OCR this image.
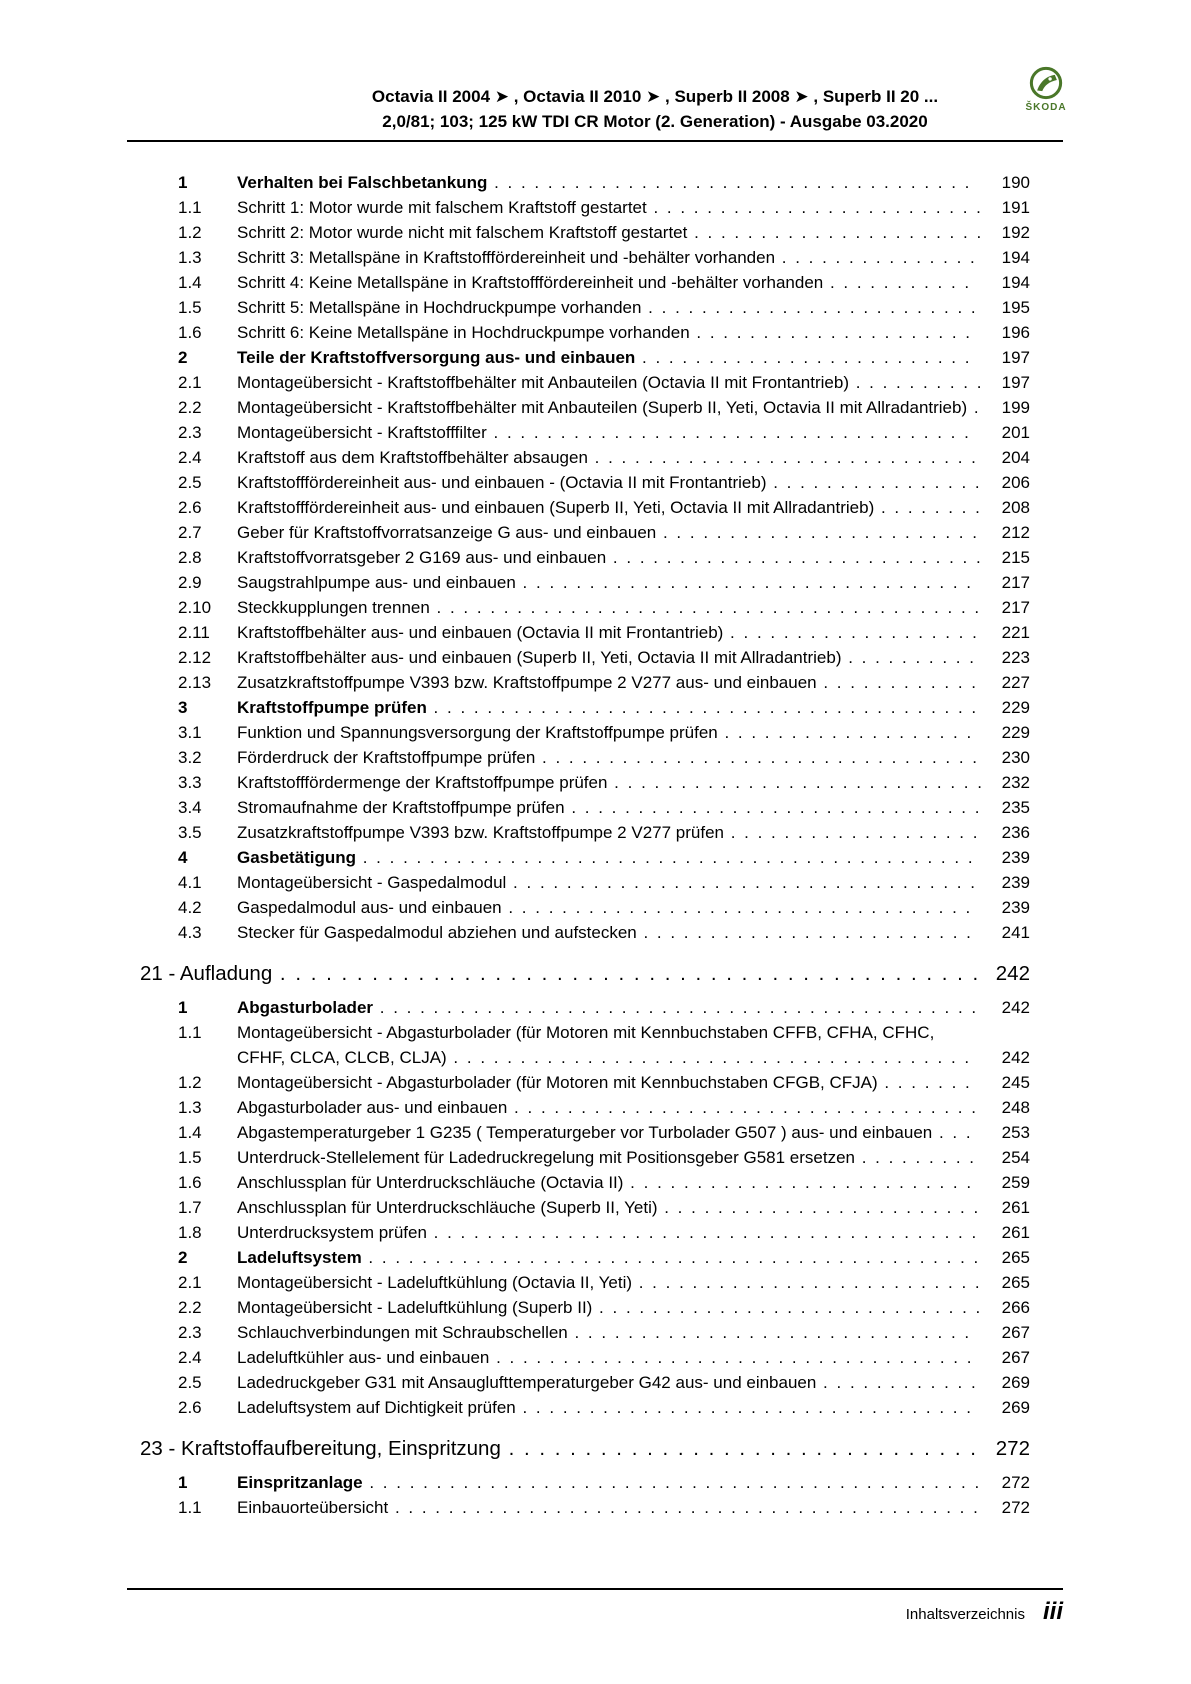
Octavia II 2004 ➤ , Octavia II 2010 ➤ , Superb II 2008 ➤ , Superb II 20 ...
2,0/81; 103; 125 kW TDI CR Motor (2. Generation) - Ausgabe 03.2020
ŠKODA
1	Verhalten bei Falschbetankung . . . . . . . . . . . . . . . . . . . . . . . . . . . . . . . . . . . .	190
1.1	Schritt 1: Motor wurde mit falschem Kraftstoff gestartet . . . . . . . . . . . . . . . . . . . . . . . . .	191
1.2	Schritt 2: Motor wurde nicht mit falschem Kraftstoff gestartet . . . . . . . . . . . . . . . . . . . . . .	192
1.3	Schritt 3: Metallspäne in Kraftstofffördereinheit und -behälter vorhanden . . . . . . . . . . . . . . .	194
1.4	Schritt 4: Keine Metallspäne in Kraftstofffördereinheit und -behälter vorhanden . . . . . . . . . . .	194
1.5	Schritt 5: Metallspäne in Hochdruckpumpe vorhanden . . . . . . . . . . . . . . . . . . . . . . . . .	195
1.6	Schritt 6: Keine Metallspäne in Hochdruckpumpe vorhanden . . . . . . . . . . . . . . . . . . . . .	196
2	Teile der Kraftstoffversorgung aus- und einbauen . . . . . . . . . . . . . . . . . . . . . . . . .	197
2.1	Montageübersicht - Kraftstoffbehälter mit Anbauteilen (Octavia II mit Frontantrieb) . . . . . . . . . .	197
2.2	Montageübersicht - Kraftstoffbehälter mit Anbauteilen (Superb II, Yeti, Octavia II mit Allradantrieb) .	199
2.3	Montageübersicht - Kraftstofffilter . . . . . . . . . . . . . . . . . . . . . . . . . . . . . . . . . . . .	201
2.4	Kraftstoff aus dem Kraftstoffbehälter absaugen . . . . . . . . . . . . . . . . . . . . . . . . . . . . .	204
2.5	Kraftstofffördereinheit aus- und einbauen - (Octavia II mit Frontantrieb) . . . . . . . . . . . . . . . .	206
2.6	Kraftstofffördereinheit aus- und einbauen (Superb II, Yeti, Octavia II mit Allradantrieb) . . . . . . . .	208
2.7	Geber für Kraftstoffvorratsanzeige G aus- und einbauen . . . . . . . . . . . . . . . . . . . . . . . .	212
2.8	Kraftstoffvorratsgeber 2 G169 aus- und einbauen . . . . . . . . . . . . . . . . . . . . . . . . . . . .	215
2.9	Saugstrahlpumpe aus- und einbauen . . . . . . . . . . . . . . . . . . . . . . . . . . . . . . . . . .	217
2.10	Steckkupplungen trennen . . . . . . . . . . . . . . . . . . . . . . . . . . . . . . . . . . . . . . . . .	217
2.11	Kraftstoffbehälter aus- und einbauen (Octavia II mit Frontantrieb) . . . . . . . . . . . . . . . . . . .	221
2.12	Kraftstoffbehälter aus- und einbauen (Superb II, Yeti, Octavia II mit Allradantrieb) . . . . . . . . . .	223
2.13	Zusatzkraftstoffpumpe V393 bzw. Kraftstoffpumpe 2 V277 aus- und einbauen . . . . . . . . . . . .	227
3	Kraftstoffpumpe prüfen . . . . . . . . . . . . . . . . . . . . . . . . . . . . . . . . . . . . . . . . .	229
3.1	Funktion und Spannungsversorgung der Kraftstoffpumpe prüfen . . . . . . . . . . . . . . . . . . .	229
3.2	Förderdruck der Kraftstoffpumpe prüfen . . . . . . . . . . . . . . . . . . . . . . . . . . . . . . . . .	230
3.3	Kraftstofffördermenge der Kraftstoffpumpe prüfen . . . . . . . . . . . . . . . . . . . . . . . . . . . .	232
3.4	Stromaufnahme der Kraftstoffpumpe prüfen . . . . . . . . . . . . . . . . . . . . . . . . . . . . . . .	235
3.5	Zusatzkraftstoffpumpe V393 bzw. Kraftstoffpumpe 2 V277 prüfen . . . . . . . . . . . . . . . . . . .	236
4	Gasbetätigung . . . . . . . . . . . . . . . . . . . . . . . . . . . . . . . . . . . . . . . . . . . . . .	239
4.1	Montageübersicht - Gaspedalmodul . . . . . . . . . . . . . . . . . . . . . . . . . . . . . . . . . . .	239
4.2	Gaspedalmodul aus- und einbauen . . . . . . . . . . . . . . . . . . . . . . . . . . . . . . . . . . .	239
4.3	Stecker für Gaspedalmodul abziehen und aufstecken . . . . . . . . . . . . . . . . . . . . . . . . .	241
21 - Aufladung . . . . . . . . . . . . . . . . . . . . . . . . . . . . . . . . . . . . . . . . . . . . . . 242
1	Abgasturbolader . . . . . . . . . . . . . . . . . . . . . . . . . . . . . . . . . . . . . . . . . . . . .	242
1.1	Montageübersicht - Abgasturbolader (für Motoren mit Kennbuchstaben CFFB, CFHA, CFHC, CFHF, CLCA, CLCB, CLJA) . . . . . . . . . . . . . . . . . . . . . . . . . . . . . . . . . . . . . . .	242
1.2	Montageübersicht - Abgasturbolader (für Motoren mit Kennbuchstaben CFGB, CFJA) . . . . . . .	245
1.3	Abgasturbolader aus- und einbauen . . . . . . . . . . . . . . . . . . . . . . . . . . . . . . . . . . .	248
1.4	Abgastemperaturgeber 1 G235 ( Temperaturgeber vor Turbolader G507 ) aus- und einbauen . . .	253
1.5	Unterdruck-Stellelement für Ladedruckregelung mit Positionsgeber G581 ersetzen . . . . . . . . .	254
1.6	Anschlussplan für Unterdruckschläuche (Octavia II) . . . . . . . . . . . . . . . . . . . . . . . . . .	259
1.7	Anschlussplan für Unterdruckschläuche (Superb II, Yeti) . . . . . . . . . . . . . . . . . . . . . . . .	261
1.8	Unterdrucksystem prüfen . . . . . . . . . . . . . . . . . . . . . . . . . . . . . . . . . . . . . . . . .	261
2	Ladeluftsystem . . . . . . . . . . . . . . . . . . . . . . . . . . . . . . . . . . . . . . . . . . . . . .	265
2.1	Montageübersicht - Ladeluftkühlung (Octavia II, Yeti) . . . . . . . . . . . . . . . . . . . . . . . . . .	265
2.2	Montageübersicht - Ladeluftkühlung (Superb II) . . . . . . . . . . . . . . . . . . . . . . . . . . . . .	266
2.3	Schlauchverbindungen mit Schraubschellen . . . . . . . . . . . . . . . . . . . . . . . . . . . . . .	267
2.4	Ladeluftkühler aus- und einbauen . . . . . . . . . . . . . . . . . . . . . . . . . . . . . . . . . . . .	267
2.5	Ladedruckgeber G31 mit Ansauglufttemperaturgeber G42 aus- und einbauen . . . . . . . . . . . .	269
2.6	Ladeluftsystem auf Dichtigkeit prüfen . . . . . . . . . . . . . . . . . . . . . . . . . . . . . . . . . .	269
23 - Kraftstoffaufbereitung, Einspritzung . . . . . . . . . . . . . . . . . . . . . . . . . . . . . . . 272
1	Einspritzanlage . . . . . . . . . . . . . . . . . . . . . . . . . . . . . . . . . . . . . . . . . . . . . .	272
1.1	Einbauorteübersicht . . . . . . . . . . . . . . . . . . . . . . . . . . . . . . . . . . . . . . . . . . . .	272
Inhaltsverzeichnis iii
